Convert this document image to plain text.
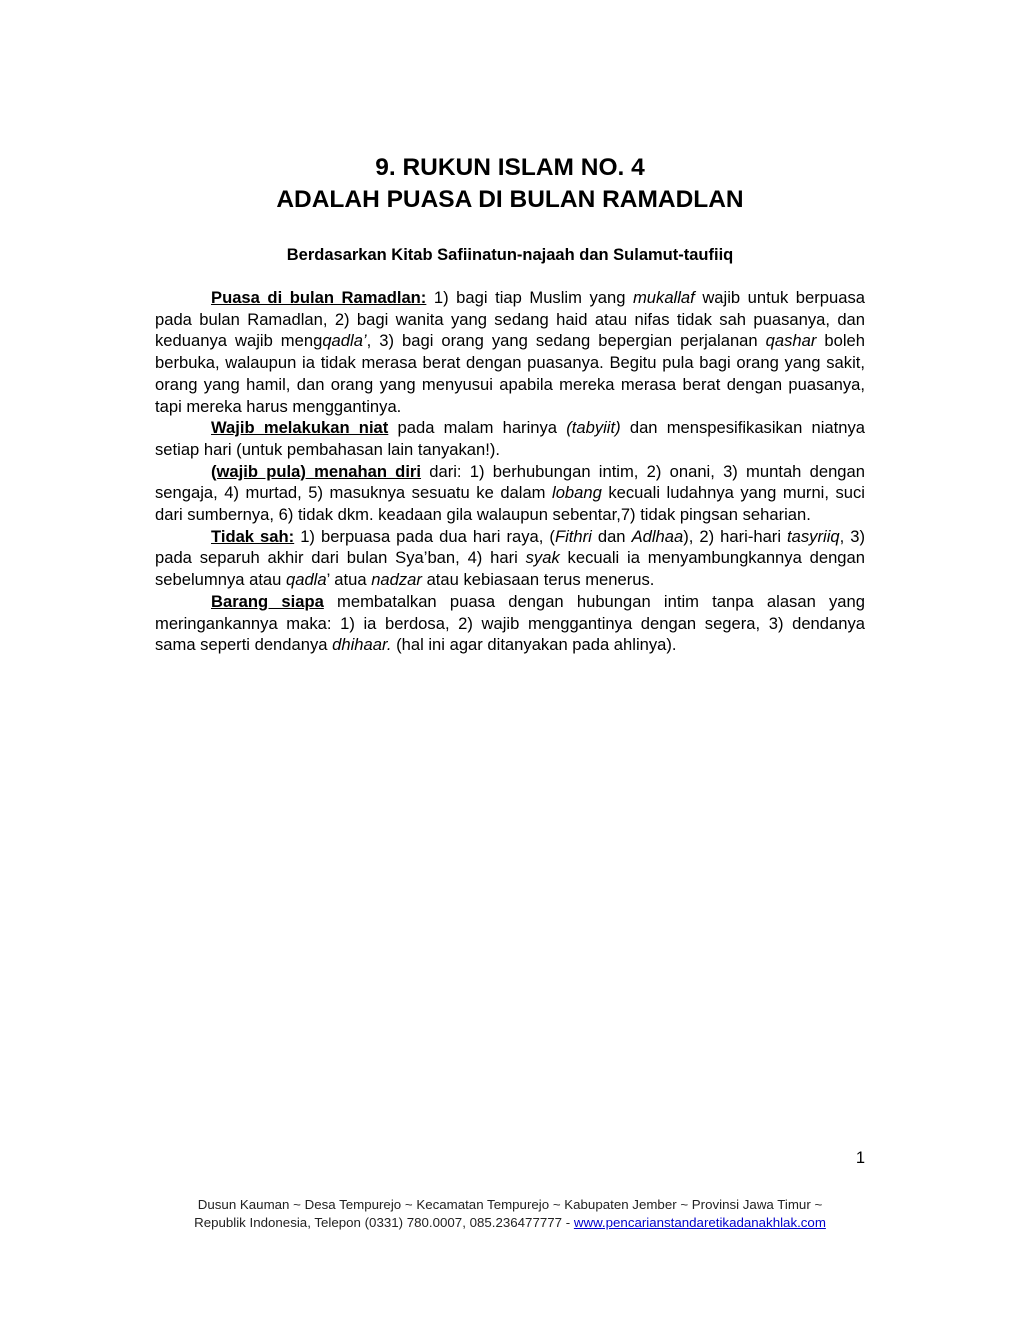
9. RUKUN ISLAM NO. 4

ADALAH PUASA DI BULAN RAMADLAN

Berdasarkan Kitab Safiinatun-najaah dan Sulamut-taufiiq

Puasa di bulan Ramadlan: 1) bagi tiap Muslim yang mukallaf wajib untuk berpuasa pada bulan Ramadlan, 2) bagi wanita yang sedang haid atau nifas tidak sah puasanya, dan keduanya wajib mengqadla’, 3) bagi orang yang sedang bepergian perjalanan qashar boleh berbuka, walaupun ia tidak merasa berat dengan puasanya. Begitu pula bagi orang yang sakit, orang yang hamil, dan orang yang menyusui apabila mereka merasa berat dengan puasanya, tapi mereka harus menggantinya.

Wajib melakukan niat pada malam harinya (tabyiit) dan menspesifikasikan niatnya setiap hari (untuk pembahasan lain tanyakan!).

(wajib pula) menahan diri dari: 1) berhubungan intim, 2) onani, 3) muntah dengan sengaja, 4) murtad, 5) masuknya sesuatu ke dalam lobang kecuali ludahnya yang murni, suci dari sumbernya, 6) tidak dkm. keadaan gila walaupun sebentar,7) tidak pingsan seharian.

Tidak sah: 1) berpuasa pada dua hari raya, (Fithri dan Adlhaa), 2) hari-hari tasyriiq, 3) pada separuh akhir dari bulan Sya’ban, 4) hari syak kecuali ia menyambungkannya dengan sebelumnya atau qadla’ atua nadzar atau kebiasaan terus menerus.

Barang siapa membatalkan puasa dengan hubungan intim tanpa alasan yang meringankannya maka: 1) ia berdosa, 2) wajib menggantinya dengan segera, 3) dendanya sama seperti dendanya dhihaar. (hal ini agar ditanyakan pada ahlinya).

1

Dusun Kauman ~ Desa Tempurejo ~ Kecamatan Tempurejo ~ Kabupaten Jember ~ Provinsi Jawa Timur ~

Republik Indonesia, Telepon (0331) 780.0007, 085.236477777 - www.pencarianstandaretikadanakhlak.com
